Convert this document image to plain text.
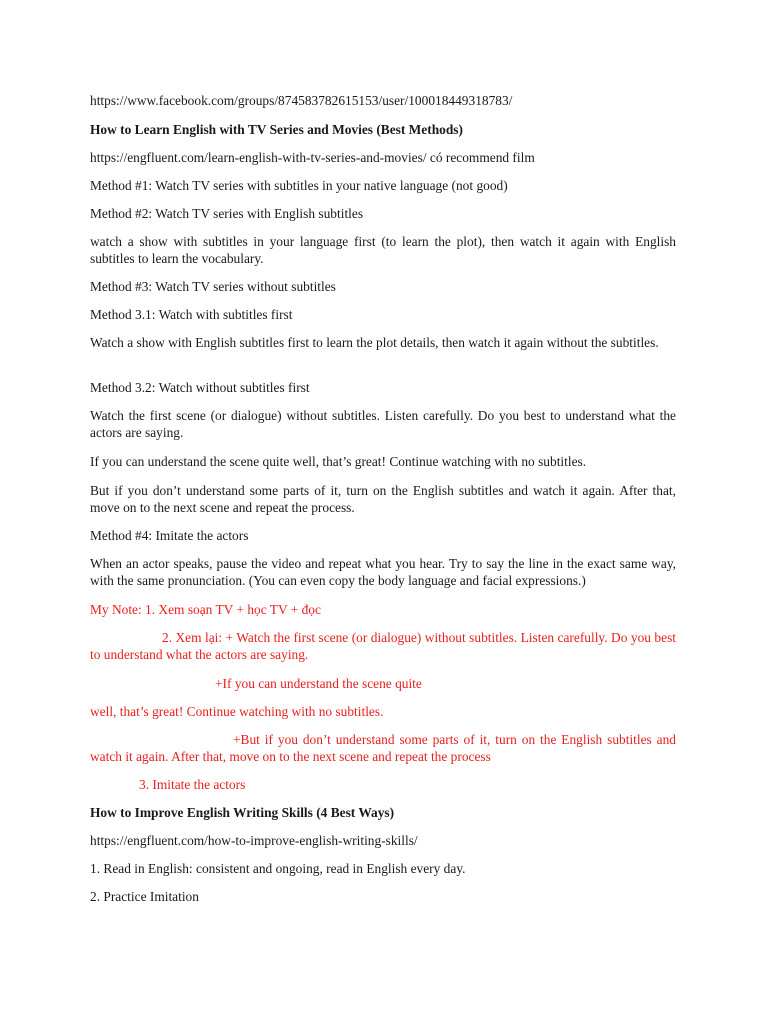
https://www.facebook.com/groups/874583782615153/user/100018449318783/

How to Learn English with TV Series and Movies (Best Methods)

https://engfluent.com/learn-english-with-tv-series-and-movies/ có recommend film

Method #1: Watch TV series with subtitles in your native language (not good)

Method #2: Watch TV series with English subtitles

watch a show with subtitles in your language first (to learn the plot), then watch it again with English subtitles to learn the vocabulary.

Method #3: Watch TV series without subtitles

Method 3.1: Watch with subtitles first

Watch a show with English subtitles first to learn the plot details, then watch it again without the subtitles.

Method 3.2: Watch without subtitles first

Watch the first scene (or dialogue) without subtitles. Listen carefully. Do you best to understand what the actors are saying.

If you can understand the scene quite well, that’s great! Continue watching with no subtitles.

But if you don’t understand some parts of it, turn on the English subtitles and watch it again. After that, move on to the next scene and repeat the process.

Method #4: Imitate the actors

When an actor speaks, pause the video and repeat what you hear. Try to say the line in the exact same way, with the same pronunciation. (You can even copy the body language and facial expressions.)

My Note: 1. Xem soạn TV + học TV + đọc

2. Xem lại: + Watch the first scene (or dialogue) without subtitles. Listen carefully. Do you best to understand what the actors are saying.

+If you can understand the scene quite

well, that’s great! Continue watching with no subtitles.

+But if you don’t understand some parts of it, turn on the English subtitles and watch it again. After that, move on to the next scene and repeat the process

3. Imitate the actors

How to Improve English Writing Skills (4 Best Ways)

https://engfluent.com/how-to-improve-english-writing-skills/

1. Read in English: consistent and ongoing, read in English every day.

2. Practice Imitation
